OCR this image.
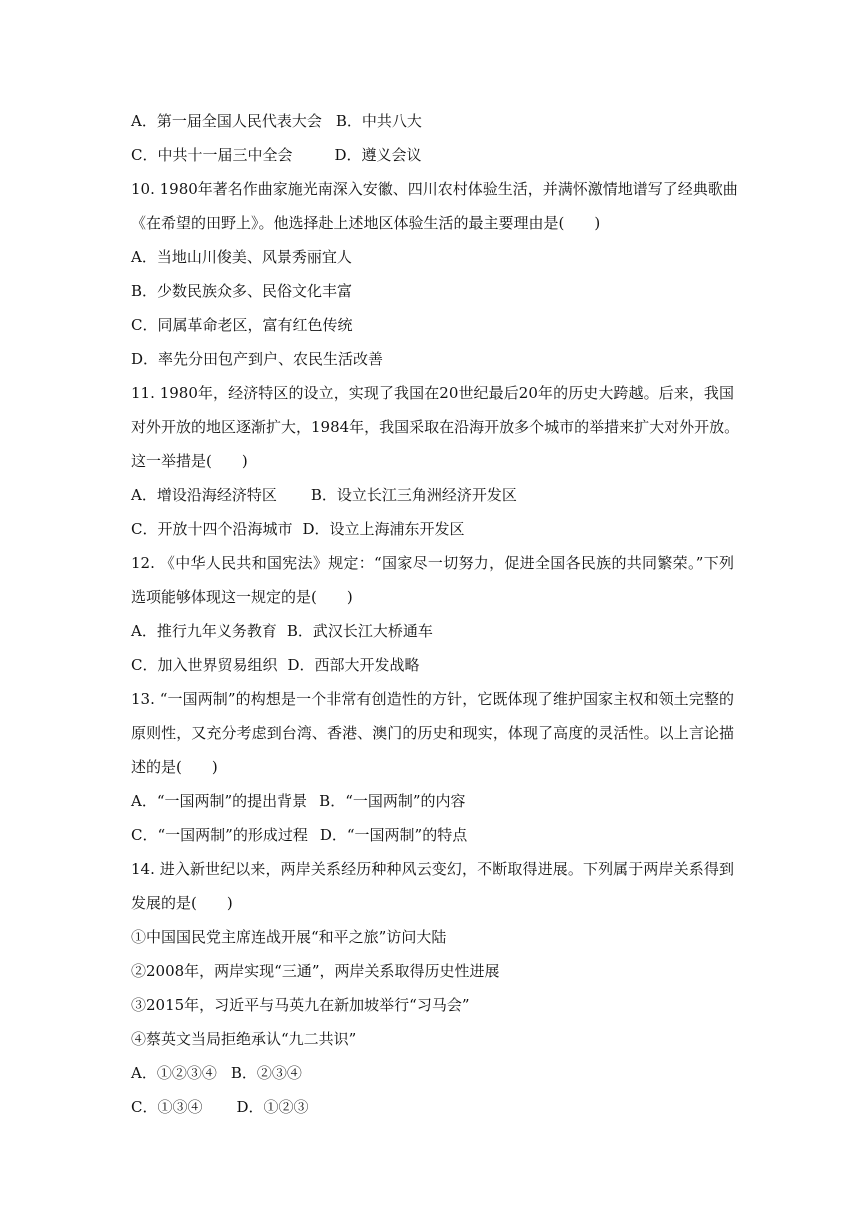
A．第一届全国人民代表大会 B．中共八大
C．中共十一届三中全会	D．遵义会议
10. 1980年著名作曲家施光南深入安徽、四川农村体验生活，并满怀激情地谱写了经典歌曲
《在希望的田野上》。他选择赴上述地区体验生活的最主要理由是(　　)
A．当地山川俊美、风景秀丽宜人
B．少数民族众多、民俗文化丰富
C．同属革命老区，富有红色传统
D．率先分田包产到户、农民生活改善
11. 1980年，经济特区的设立，实现了我国在20世纪最后20年的历史大跨越。后来，我国
对外开放的地区逐渐扩大，1984年，我国采取在沿海开放多个城市的举措来扩大对外开放。
这一举措是(　　)
A．增设沿海经济特区 B．设立长江三角洲经济开发区
C．开放十四个沿海城市 D．设立上海浦东开发区
12. 《中华人民共和国宪法》规定：“国家尽一切努力，促进全国各民族的共同繁荣。”下列
选项能够体现这一规定的是(　　)
A．推行九年义务教育 B．武汉长江大桥通车
C．加入世界贸易组织 D．西部大开发战略
13. “一国两制”的构想是一个非常有创造性的方针，它既体现了维护国家主权和领土完整的
原则性，又充分考虑到台湾、香港、澳门的历史和现实，体现了高度的灵活性。以上言论描
述的是(　　)
A．“一国两制”的提出背景 B．“一国两制”的内容
C．“一国两制”的形成过程 D．“一国两制”的特点
14. 进入新世纪以来，两岸关系经历种种风云变幻，不断取得进展。下列属于两岸关系得到
发展的是(　　)
①中国国民党主席连战开展“和平之旅”访问大陆
②2008年，两岸实现“三通”，两岸关系取得历史性进展
③2015年，习近平与马英九在新加坡举行“习马会”
④蔡英文当局拒绝承认“九二共识”
A．①②③④ B．②③④
C．①③④ D．①②③
